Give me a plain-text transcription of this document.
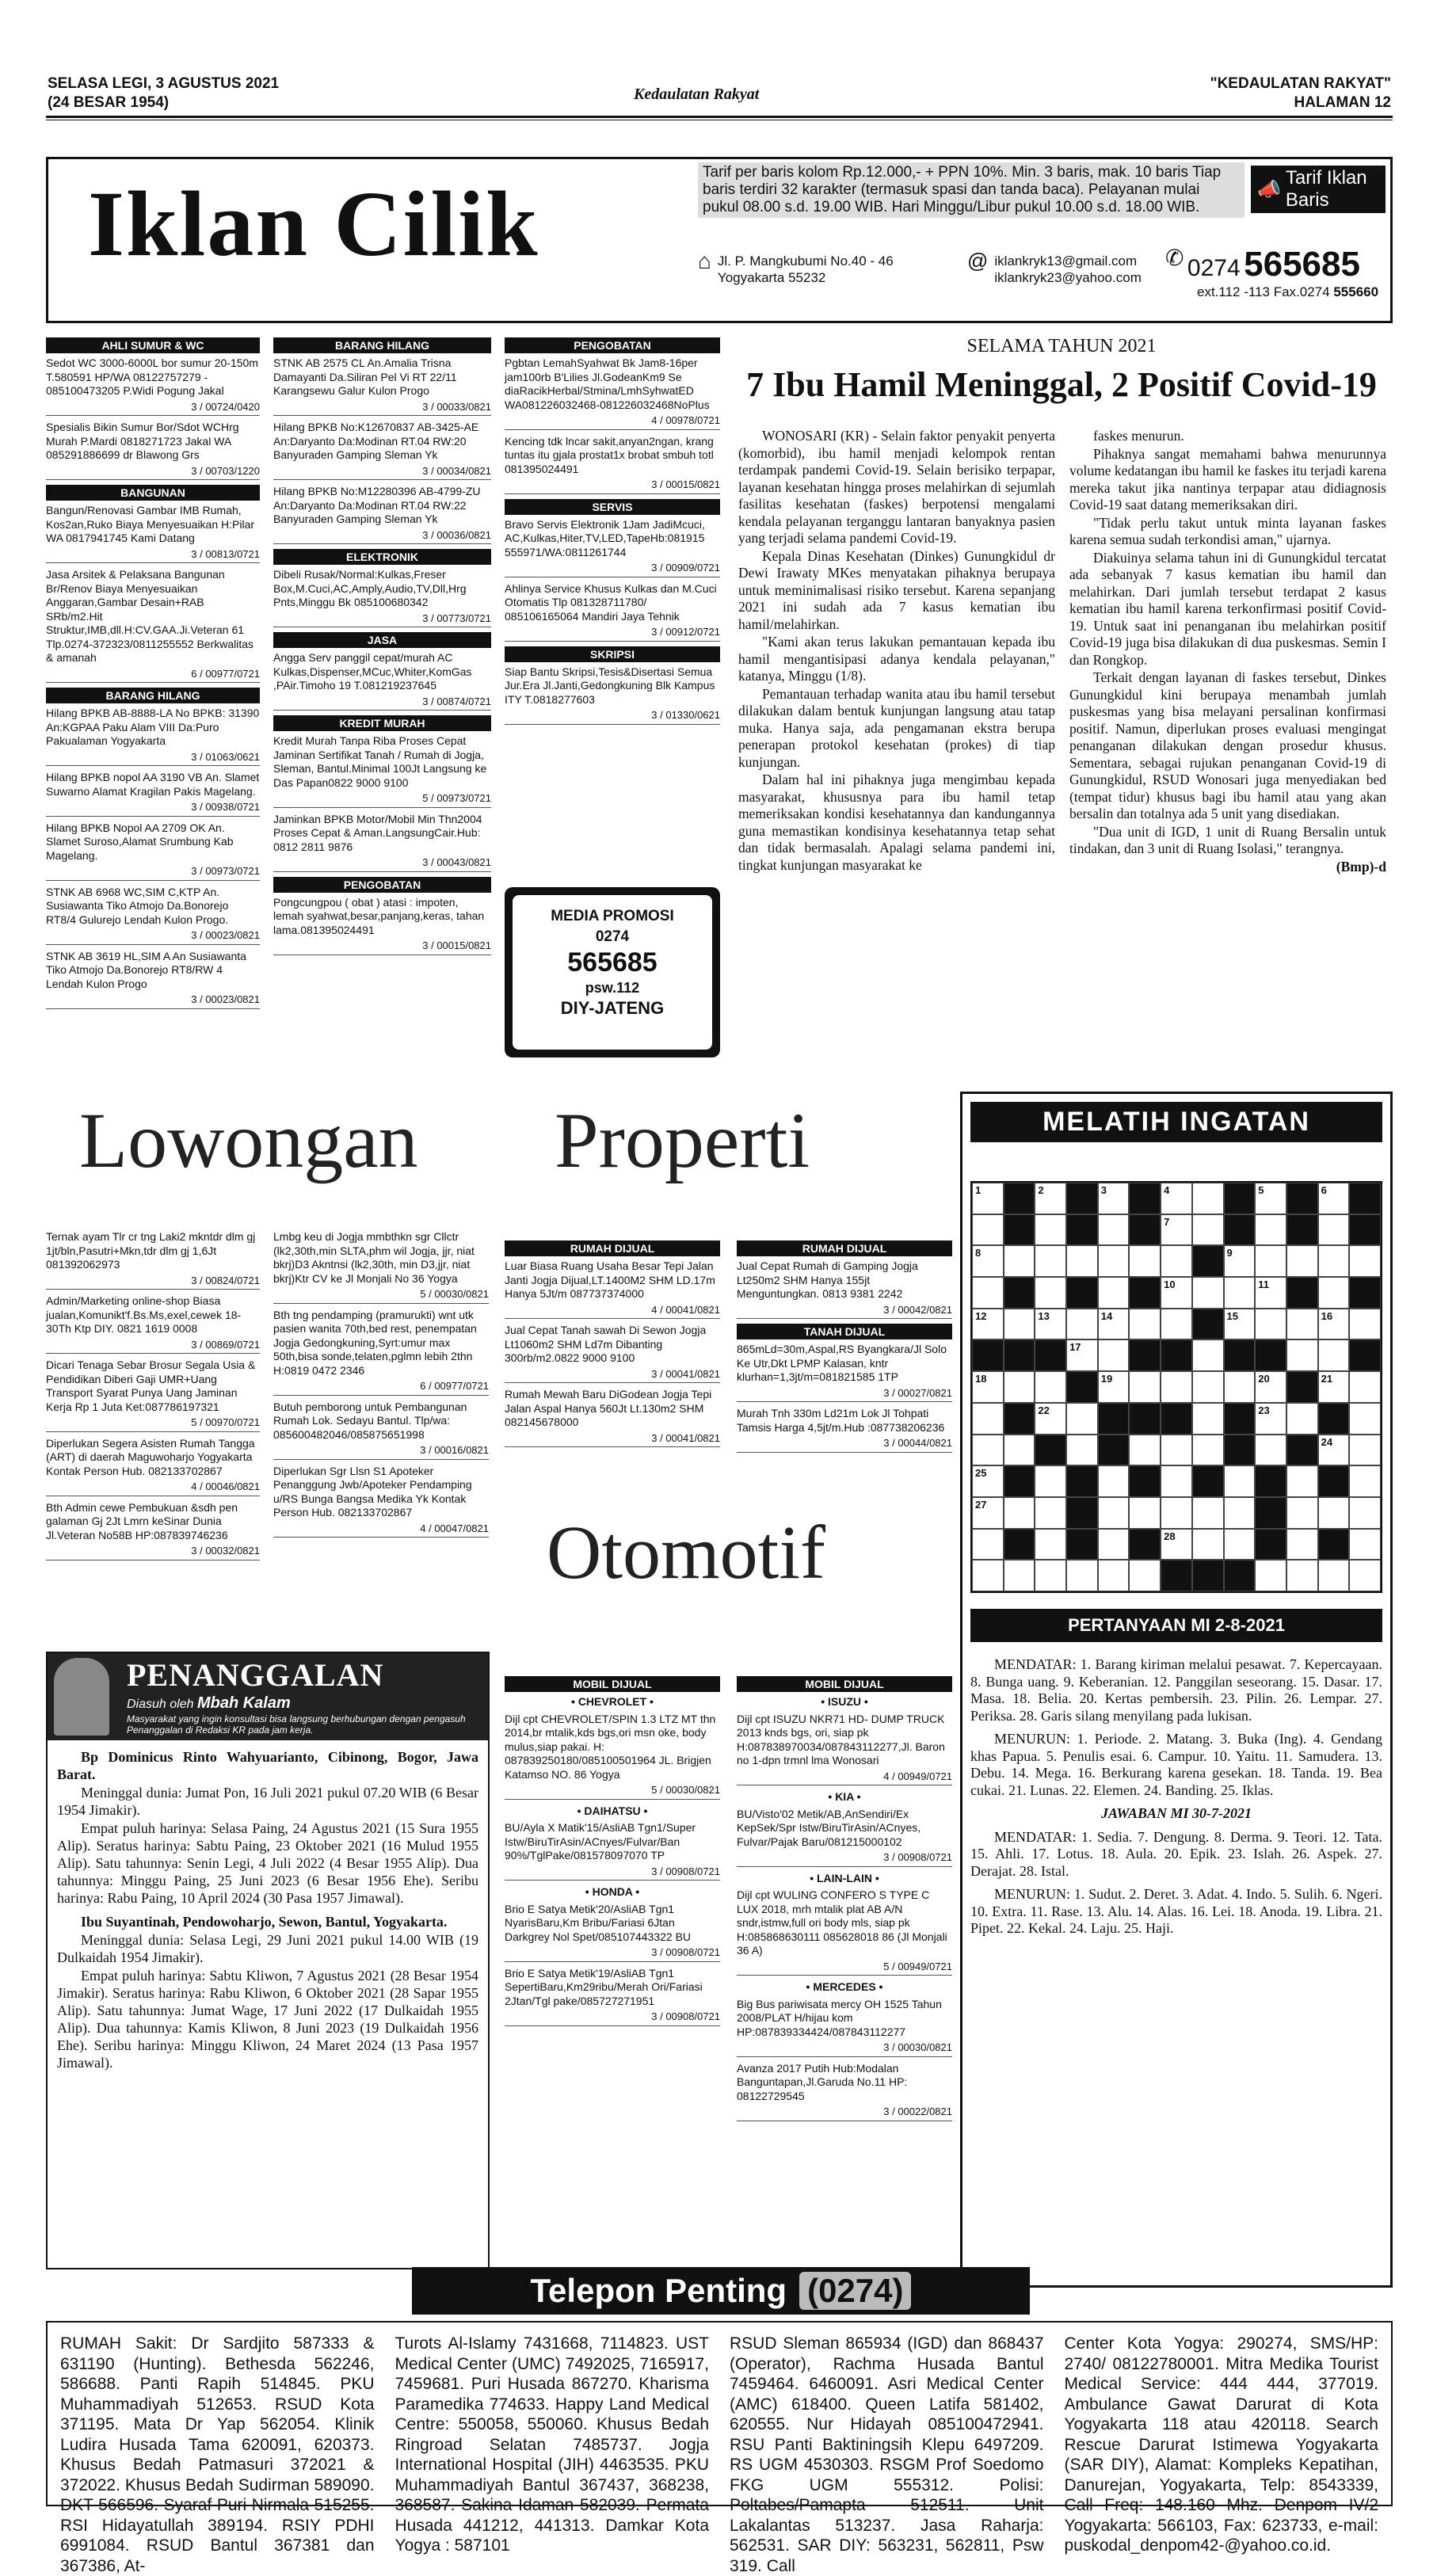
SELASA LEGI, 3 AGUSTUS 2021
(24 BESAR 1954)	Kedaulatan Rakyat
"KEDAULATAN RAKYAT"
HALAMAN 12
Iklan Cilik	Tarif per baris kolom Rp.12.000,- + PPN 10%. Min. 3 baris, mak. 10 baris Tiap baris terdiri 32 karakter (termasuk spasi dan tanda baca). Pelayanan mulai pukul 08.00 s.d. 19.00 WIB. Hari Minggu/Libur pukul 10.00 s.d. 18.00 WIB.
📣
Tarif Iklan Baris
⌂ Jl. P. Mangkubumi No.40 - 46 Yogyakarta 55232
@ iklankryk13@gmail.com iklankryk23@yahoo.com
✆ 0274 565685
ext.112 -113 Fax.0274 555660
AHLI SUMUR & WC
Sedot WC 3000-6000L bor sumur 20-150m T.580591 HP/WA 08122757279 - 085100473205 P.Widi Pogung Jakal
3 / 00724/0420
Spesialis Bikin Sumur Bor/Sdot WCHrg Murah P.Mardi 0818271723 Jakal WA 085291886699 dr Blawong Grs
3 / 00703/1220
BANGUNAN
Bangun/Renovasi Gambar IMB Rumah, Kos2an,Ruko Biaya Menyesuaikan H:Pilar WA 0817941745 Kami Datang
3 / 00813/0721
Jasa Arsitek & Pelaksana Bangunan Br/Renov Biaya Menyesuaikan Anggaran,Gambar Desain+RAB SRb/m2.Hit Struktur,IMB,dll.H:CV.GAA.Ji.Veteran 61 Tlp.0274-372323/0811255552 Berkwalitas & amanah
6 / 00977/0721
BARANG HILANG
Hilang BPKB AB-8888-LA No BPKB: 31390 An:KGPAA Paku Alam VIII Da:Puro Pakualaman Yogyakarta
3 / 01063/0621
Hilang BPKB nopol AA 3190 VB An. Slamet Suwarno Alamat Kragilan Pakis Magelang.
3 / 00938/0721
Hilang BPKB Nopol AA 2709 OK An. Slamet Suroso,Alamat Srumbung Kab Magelang.
3 / 00973/0721
STNK AB 6968 WC,SIM C,KTP An. Susiawanta Tiko Atmojo Da.Bonorejo RT8/4 Gulurejo Lendah Kulon Progo.
3 / 00023/0821
STNK AB 3619 HL,SIM A An Susiawanta Tiko Atmojo Da.Bonorejo RT8/RW 4 Lendah Kulon Progo
3 / 00023/0821
BARANG HILANG
STNK AB 2575 CL An.Amalia Trisna Damayanti Da.Siliran Pel Vi RT 22/11 Karangsewu Galur Kulon Progo
3 / 00033/0821
Hilang BPKB No:K12670837 AB-3425-AE An:Daryanto Da:Modinan RT.04 RW:20 Banyuraden Gamping Sleman Yk
3 / 00034/0821
Hilang BPKB No:M12280396 AB-4799-ZU An:Daryanto Da:Modinan RT.04 RW:22 Banyuraden Gamping Sleman Yk
3 / 00036/0821
ELEKTRONIK
Dibeli Rusak/Normal:Kulkas,Freser Box,M.Cuci,AC,Amply,Audio,TV,Dll,Hrg Pnts,Minggu Bk 085100680342
3 / 00773/0721
JASA
Angga Serv panggil cepat/murah AC Kulkas,Dispenser,MCuc,Whiter,KomGas ,PAir.Timoho 19 T.081219237645
3 / 00874/0721
KREDIT MURAH
Kredit Murah Tanpa Riba Proses Cepat Jaminan Sertifikat Tanah / Rumah di Jogja, Sleman, Bantul.Minimal 100Jt Langsung ke Das Papan0822 9000 9100
5 / 00973/0721
Jaminkan BPKB Motor/Mobil Min Thn2004 Proses Cepat & Aman.LangsungCair.Hub: 0812 2811 9876
3 / 00043/0821
PENGOBATAN
Pongcungpou ( obat ) atasi : impoten, lemah syahwat,besar,panjang,keras, tahan lama.081395024491
3 / 00015/0821
PENGOBATAN
Pgbtan LemahSyahwat Bk Jam8-16per jam100rb B'Lilies Jl.GodeanKm9 Se diaRacikHerbal/Stmina/LmhSyhwatED WA081226032468-081226032468NoPlus
4 / 00978/0721
Kencing tdk lncar sakit,anyan2ngan, krang tuntas itu gjala prostat1x brobat smbuh totl 081395024491
3 / 00015/0821
SERVIS
Bravo Servis Elektronik 1Jam JadiMcuci, AC,Kulkas,Hiter,TV,LED,TapeHb:081915 555971/WA:0811261744
3 / 00909/0721
Ahlinya Service Khusus Kulkas dan M.Cuci Otomatis Tlp 081328711780/ 085106165064 Mandiri Jaya Tehnik
3 / 00912/0721
SKRIPSI
Siap Bantu Skripsi,Tesis&Disertasi Semua Jur.Era Jl.Janti,Gedongkuning Blk Kampus ITY T.0818277603
3 / 01330/0621
MEDIA PROMOSI
0274
565685
psw.112
DIY-JATENG
SELAMA TAHUN 2021
7 Ibu Hamil Meninggal, 2 Positif Covid-19

WONOSARI (KR) - Selain faktor penyakit penyerta (komorbid), ibu hamil menjadi kelompok rentan terdampak pandemi Covid-19. Selain berisiko terpapar, layanan kesehatan hingga proses melahirkan di sejumlah fasilitas kesehatan (faskes) berpotensi mengalami kendala pelayanan terganggu lantaran banyaknya pasien yang terjadi selama pandemi Covid-19.

Kepala Dinas Kesehatan (Dinkes) Gunungkidul dr Dewi Irawaty MKes menyatakan pihaknya berupaya untuk meminimalisasi risiko tersebut. Karena sepanjang 2021 ini sudah ada 7 kasus kematian ibu hamil/melahirkan.

"Kami akan terus lakukan pemantauan kepada ibu hamil mengantisipasi adanya kendala pelayanan," katanya, Minggu (1/8).

Pemantauan terhadap wanita atau ibu hamil tersebut dilakukan dalam bentuk kunjungan langsung atau tatap muka. Hanya saja, ada pengamanan ekstra berupa penerapan protokol kesehatan (prokes) di tiap kunjungan.

Dalam hal ini pihaknya juga mengimbau kepada masyarakat, khususnya para ibu hamil tetap memeriksakan kondisi kesehatannya dan kandungannya guna memastikan kondisinya kesehatannya tetap sehat dan tidak bermasalah. Apalagi selama pandemi ini, tingkat kunjungan masyarakat ke

faskes menurun.

Pihaknya sangat memahami bahwa menurunnya volume kedatangan ibu hamil ke faskes itu terjadi karena mereka takut jika nantinya terpapar atau didiagnosis Covid-19 saat datang memeriksakan diri.

"Tidak perlu takut untuk minta layanan faskes karena semua sudah terkondisi aman," ujarnya.

Diakuinya selama tahun ini di Gunungkidul tercatat ada sebanyak 7 kasus kematian ibu hamil dan melahirkan. Dari jumlah tersebut terdapat 2 kasus kematian ibu hamil karena terkonfirmasi positif Covid-19. Untuk saat ini penanganan ibu melahirkan positif Covid-19 juga bisa dilakukan di dua puskesmas. Semin I dan Rongkop.

Terkait dengan layanan di faskes tersebut, Dinkes Gunungkidul kini berupaya menambah jumlah puskesmas yang bisa melayani persalinan konfirmasi positif. Namun, diperlukan proses evaluasi mengingat penanganan dilakukan dengan prosedur khusus. Sementara, sebagai rujukan penanganan Covid-19 di Gunungkidul, RSUD Wonosari juga menyediakan bed (tempat tidur) khusus bagi ibu hamil atau yang akan bersalin dan totalnya ada 5 unit yang disediakan.

"Dua unit di IGD, 1 unit di Ruang Bersalin untuk tindakan, dan 3 unit di Ruang Isolasi," terangnya.

(Bmp)-d

Lowongan Properti
Otomotif
Ternak ayam Tlr cr tng Laki2 mkntdr dlm gj 1jt/bln,Pasutri+Mkn,tdr dlm gj 1,6Jt 081392062973
3 / 00824/0721
Admin/Marketing online-shop Biasa jualan,Komunikt'f.Bs.Ms,exel,cewek 18-30Th Ktp DIY. 0821 1619 0008
3 / 00869/0721
Dicari Tenaga Sebar Brosur Segala Usia & Pendidikan Diberi Gaji UMR+Uang Transport Syarat Punya Uang Jaminan Kerja Rp 1 Juta Ket:087786197321
5 / 00970/0721
Diperlukan Segera Asisten Rumah Tangga (ART) di daerah Maguwoharjo Yogyakarta Kontak Person Hub. 082133702867
4 / 00046/0821
Bth Admin cewe Pembukuan &sdh pen galaman Gj 2Jt Lmrn keSinar Dunia Jl.Veteran No58B HP:087839746236
3 / 00032/0821
Lmbg keu di Jogja mmbthkn sgr Cllctr (lk2,30th,min SLTA,phm wil Jogja, jjr, niat bkrj)D3 Akntnsi (lk2,30th, min D3,jjr, niat bkrj)Ktr CV ke Jl Monjali No 36 Yogya
5 / 00030/0821
Bth tng pendamping (pramurukti) wnt utk pasien wanita 70th,bed rest, penempatan Jogja Gedongkuning,Syrt:umur max 50th,bisa sonde,telaten,pglmn lebih 2thn H:0819 0472 2346
6 / 00977/0721
Butuh pemborong untuk Pembangunan Rumah Lok. Sedayu Bantul. Tlp/wa: 085600482046/085875651998
3 / 00016/0821
Diperlukan Sgr Llsn S1 Apoteker Penanggung Jwb/Apoteker Pendamping u/RS Bunga Bangsa Medika Yk Kontak Person Hub. 082133702867
4 / 00047/0821
RUMAH DIJUAL
Luar Biasa Ruang Usaha Besar Tepi Jalan Janti Jogja Dijual,LT.1400M2 SHM LD.17m Hanya 5Jt/m 087737374000
4 / 00041/0821
Jual Cepat Tanah sawah Di Sewon Jogja Lt1060m2 SHM Ld7m Dibanting 300rb/m2.0822 9000 9100
3 / 00041/0821
Rumah Mewah Baru DiGodean Jogja Tepi Jalan Aspal Hanya 560Jt Lt.130m2 SHM 082145678000
3 / 00041/0821
RUMAH DIJUAL
Jual Cepat Rumah di Gamping Jogja Lt250m2 SHM Hanya 155jt Menguntungkan. 0813 9381 2242
3 / 00042/0821
TANAH DIJUAL
865mLd=30m,Aspal,RS Byangkara/Jl Solo Ke Utr,Dkt LPMP Kalasan, kntr klurhan=1,3jt/m=081821585 1TP
3 / 00027/0821
Murah Tnh 330m Ld21m Lok Jl Tohpati Tamsis Harga 4,5jt/m.Hub :087738206236
3 / 00044/0821
MELATIH INGATAN
1	2	3	4	5	6
7
8	9
10	11
12	13	14	15	16
17
18	19	20	21
22	23
24
25
27
28
PERTANYAAN MI 2-8-2021

MENDATAR: 1. Barang kiriman melalui pesawat. 7. Kepercayaan. 8. Bunga uang. 9. Keberanian. 12. Panggilan seseorang. 15. Dasar. 17. Masa. 18. Belia. 20. Kertas pembersih. 23. Pilin. 26. Lempar. 27. Periksa. 28. Garis silang menyilang pada lukisan.

MENURUN: 1. Periode. 2. Matang. 3. Buka (Ing). 4. Gendang khas Papua. 5. Penulis esai. 6. Campur. 10. Yaitu. 11. Samudera. 13. Debu. 14. Mega. 16. Berkurang karena gesekan. 18. Tanda. 19. Bea cukai. 21. Lunas. 22. Elemen. 24. Banding. 25. Iklas.

JAWABAN MI 30-7-2021

MENDATAR: 1. Sedia. 7. Dengung. 8. Derma. 9. Teori. 12. Tata. 15. Ahli. 17. Lotus. 18. Aula. 20. Epik. 23. Islah. 26. Aspek. 27. Derajat. 28. Istal.

MENURUN: 1. Sudut. 2. Deret. 3. Adat. 4. Indo. 5. Sulih. 6. Ngeri. 10. Extra. 11. Rase. 13. Alu. 14. Alas. 16. Lei. 18. Anoda. 19. Libra. 21. Pipet. 22. Kekal. 24. Laju. 25. Haji.

PENANGGALAN
Diasuh oleh Mbah Kalam
Masyarakat yang ingin konsultasi bisa langsung berhubungan dengan pengasuh Penanggalan di Redaksi KR pada jam kerja.

Bp Dominicus Rinto Wahyuarianto, Cibinong, Bogor, Jawa Barat.

Meninggal dunia: Jumat Pon, 16 Juli 2021 pukul 07.20 WIB (6 Besar 1954 Jimakir).

Empat puluh harinya: Selasa Paing, 24 Agustus 2021 (15 Sura 1955 Alip). Seratus harinya: Sabtu Paing, 23 Oktober 2021 (16 Mulud 1955 Alip). Satu tahunnya: Senin Legi, 4 Juli 2022 (4 Besar 1955 Alip). Dua tahunnya: Minggu Paing, 25 Juni 2023 (6 Besar 1956 Ehe). Seribu harinya: Rabu Paing, 10 April 2024 (30 Pasa 1957 Jimawal).

Ibu Suyantinah, Pendowoharjo, Sewon, Bantul, Yogyakarta.

Meninggal dunia: Selasa Legi, 29 Juni 2021 pukul 14.00 WIB (19 Dulkaidah 1954 Jimakir).

Empat puluh harinya: Sabtu Kliwon, 7 Agustus 2021 (28 Besar 1954 Jimakir). Seratus harinya: Rabu Kliwon, 6 Oktober 2021 (28 Sapar 1955 Alip). Satu tahunnya: Jumat Wage, 17 Juni 2022 (17 Dulkaidah 1955 Alip). Dua tahunnya: Kamis Kliwon, 8 Juni 2023 (19 Dulkaidah 1956 Ehe). Seribu harinya: Minggu Kliwon, 24 Maret 2024 (13 Pasa 1957 Jimawal).

MOBIL DIJUAL
• CHEVROLET •
Dijl cpt CHEVROLET/SPIN 1.3 LTZ MT thn 2014,br mtalik,kds bgs,ori msn oke, body mulus,siap pakai. H: 087839250180/085100501964 JL. Brigjen Katamso NO. 86 Yogya
5 / 00030/0821
• DAIHATSU •
BU/Ayla X Matik'15/AsliAB Tgn1/Super Istw/BiruTirAsin/ACnyes/Fulvar/Ban 90%/TglPake/081578097070 TP
3 / 00908/0721
• HONDA •
Brio E Satya Metik'20/AsliAB Tgn1 NyarisBaru,Km Bribu/Fariasi 6Jtan Darkgrey Nol Spet/085107443322 BU
3 / 00908/0721
Brio E Satya Metik'19/AsliAB Tgn1 SepertiBaru,Km29ribu/Merah Ori/Fariasi 2Jtan/Tgl pake/085727271951
3 / 00908/0721
MOBIL DIJUAL
• ISUZU •
Dijl cpt ISUZU NKR71 HD- DUMP TRUCK 2013 knds bgs, ori, siap pk H:087838970034/087843112277,Jl. Baron no 1-dpn trmnl lma Wonosari
4 / 00949/0721
• KIA •
BU/Visto'02 Metik/AB,AnSendiri/Ex KepSek/Spr Istw/BiruTirAsin/ACnyes, Fulvar/Pajak Baru/081215000102
3 / 00908/0721
• LAIN-LAIN •
Dijl cpt WULING CONFERO S TYPE C LUX 2018, mrh mtalik plat AB A/N sndr,istmw,full ori body mls, siap pk H:085868630111 085628018 86 (Jl Monjali 36 A)
5 / 00949/0721
• MERCEDES •
Big Bus pariwisata mercy OH 1525 Tahun 2008/PLAT H/hijau kom HP:087839334424/087843112277
3 / 00030/0821
Avanza 2017 Putih Hub:Modalan Banguntapan,Jl.Garuda No.11 HP: 08122729545
3 / 00022/0821
Telepon Penting (0274)
RUMAH Sakit: Dr Sardjito 587333 & 631190 (Hunting). Bethesda 562246, 586688. Panti Rapih 514845. PKU Muhammadiyah 512653. RSUD Kota 371195. Mata Dr Yap 562054. Klinik Ludira Husada Tama 620091, 620373. Khusus Bedah Patmasuri 372021 & 372022. Khusus Bedah Sudirman 589090. DKT 566596. Syaraf Puri Nirmala 515255. RSI Hidayatullah 389194. RSIY PDHI 6991084. RSUD Bantul 367381 dan 367386, At-
Turots Al-Islamy 7431668, 7114823. UST Medical Center (UMC) 7492025, 7165917, 7459681. Puri Husada 867270. Kharisma Paramedika 774633. Happy Land Medical Centre: 550058, 550060. Khusus Bedah Ringroad Selatan 7485737. Jogja International Hospital (JIH) 4463535. PKU Muhammadiyah Bantul 367437, 368238, 368587. Sakina Idaman 582039. Permata Husada 441212, 441313. Damkar Kota Yogya : 587101
RSUD Sleman 865934 (IGD) dan 868437 (Operator), Rachma Husada Bantul 7459464. 6460091. Asri Medical Center (AMC) 618400. Queen Latifa 581402, 620555. Nur Hidayah 085100472941. RSU Panti Baktiningsih Klepu 6497209. RS UGM 4530303. RSGM Prof Soedomo FKG UGM 555312. Polisi: Poltabes/Pamapta 512511. Unit Lakalantas 513237. Jasa Raharja: 562531. SAR DIY: 563231, 562811, Psw 319. Call
Center Kota Yogya: 290274, SMS/HP: 2740/ 08122780001. Mitra Medika Tourist Medical Service: 444 444, 377019. Ambulance Gawat Darurat di Kota Yogyakarta 118 atau 420118. Search Rescue Darurat Istimewa Yogyakarta (SAR DIY), Alamat: Kompleks Kepatihan, Danurejan, Yogyakarta, Telp: 8543339, Call Freq: 148.160 Mhz. Denpom IV/2 Yogyakarta: 566103, Fax: 623733, e-mail: puskodal_denpom42-@yahoo.co.id.
